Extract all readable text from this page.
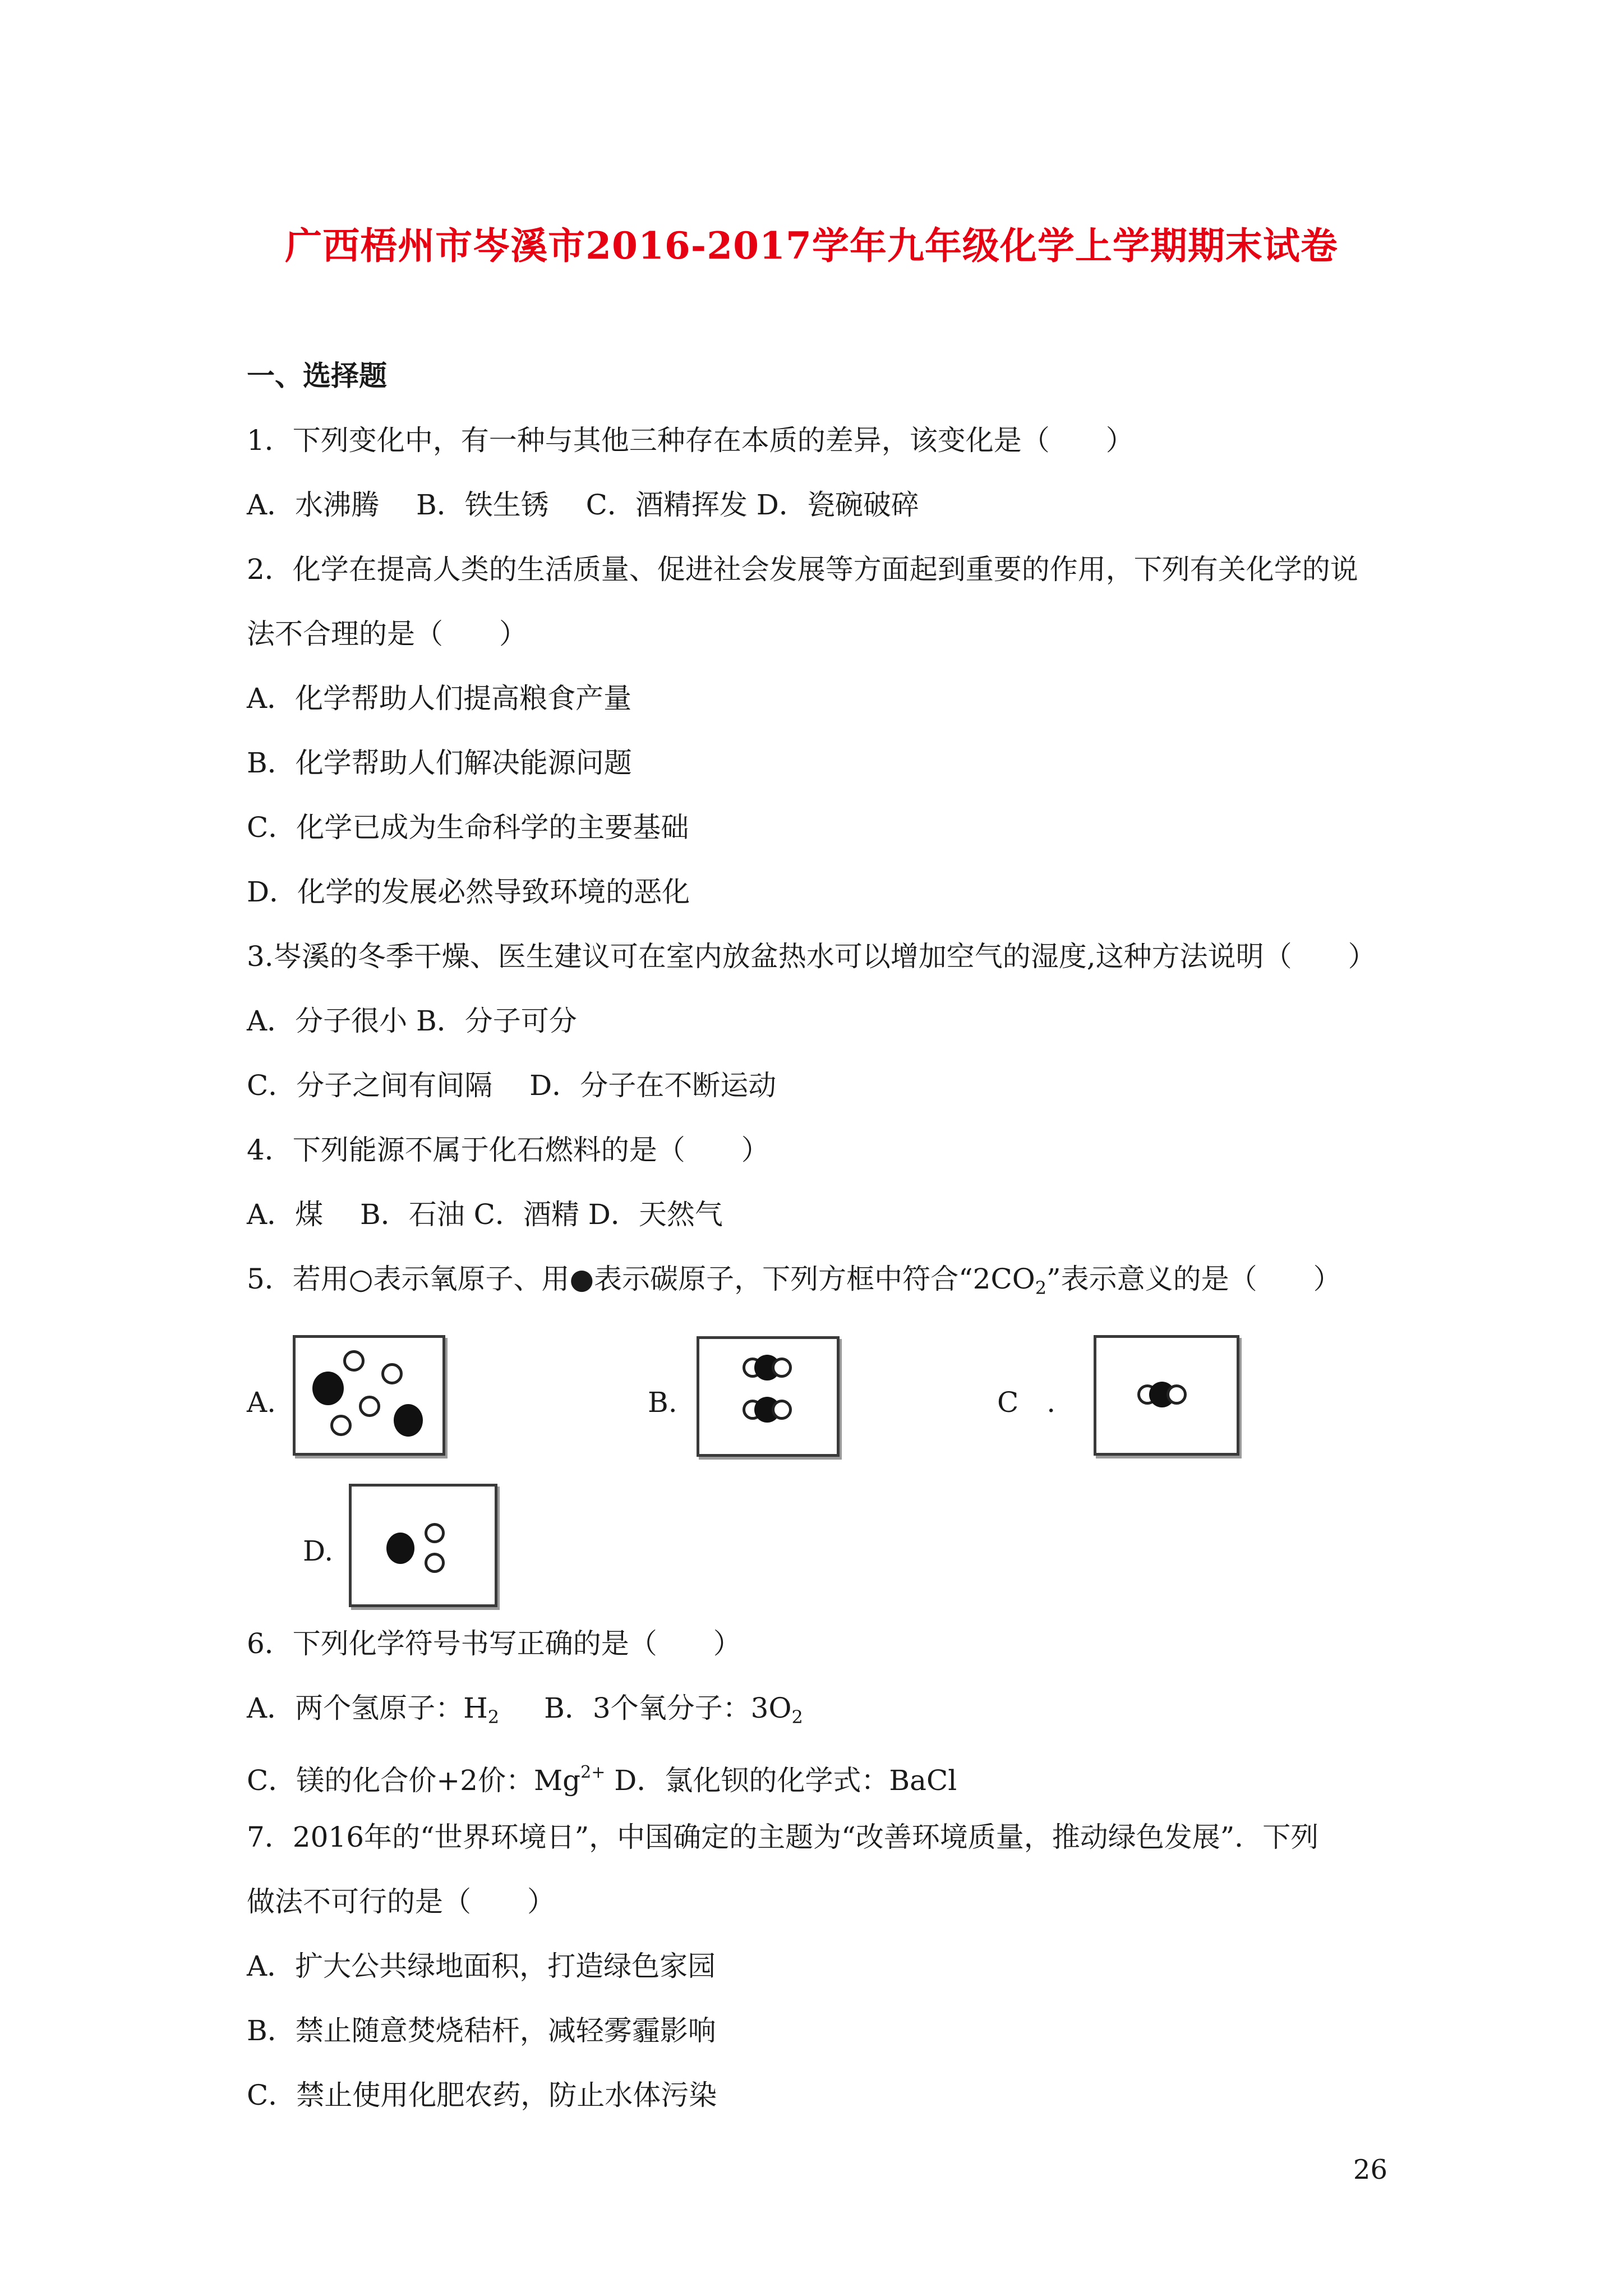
广西梧州市岑溪市2016-2017学年九年级化学上学期期末试卷
一、选择题
1．下列变化中，有一种与其他三种存在本质的差异，该变化是（　　）
A．水沸腾　 B．铁生锈　 C．酒精挥发 D．瓷碗破碎
2．化学在提高人类的生活质量、促进社会发展等方面起到重要的作用，下列有关化学的说
法不合理的是（　　）
A．化学帮助人们提高粮食产量
B．化学帮助人们解决能源问题
C．化学已成为生命科学的主要基础
D．化学的发展必然导致环境的恶化
3.岑溪的冬季干燥、医生建议可在室内放盆热水可以增加空气的湿度,这种方法说明（　　）
A．分子很小 B．分子可分
C．分子之间有间隔　 D．分子在不断运动
4．下列能源不属于化石燃料的是（　　）
A．煤　 B．石油 C．酒精 D．天然气
5．若用○表示氧原子、用●表示碳原子，下列方框中符合“$2CO_2$”表示意义的是（　　）
A.	B.	C　.
D.
6．下列化学符号书写正确的是（　　）
A．两个氢原子：$H_2$ B．3个氧分子：$3O_2$
C．镁的化合价+2价：$Mg^{2+}$ D．氯化钡的化学式：BaCl
7．2016年的“世界环境日”，中国确定的主题为“改善环境质量，推动绿色发展”．下列
做法不可行的是（　　）
A．扩大公共绿地面积，打造绿色家园
B．禁止随意焚烧秸杆，减轻雾霾影响
C．禁止使用化肥农药，防止水体污染
26
